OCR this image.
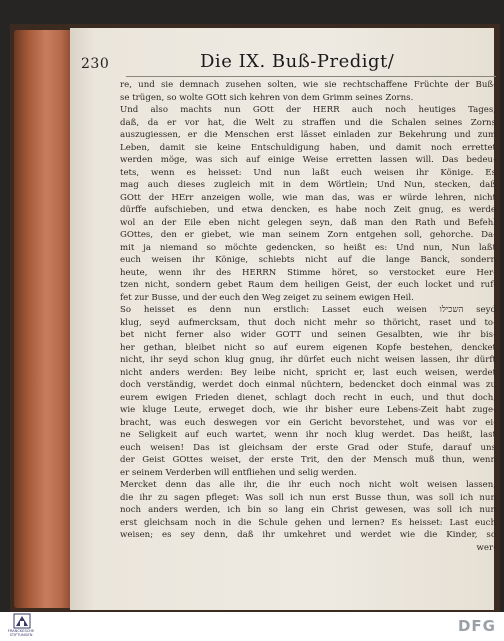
230	Die IX. Buß-Predigt/
re, und sie demnach zusehen solten, wie sie rechtschaffene Früchte der Buß-
se trügen, so wolte GOtt sich kehren von dem Grimm seines Zorns.
Und also machts nun GOtt der HERR auch noch heutiges Tages,
daß, da er vor hat, die Welt zu straffen und die Schalen seines Zorns
auszugiessen, er die Menschen erst lässet einladen zur Bekehrung und zum
Leben, damit sie keine Entschuldigung haben, und damit noch errettet
werden möge, was sich auf einige Weise erretten lassen will. Das bedeu-
tets, wenn es heisset: Und nun laßt euch weisen ihr Könige. Es
mag auch dieses zugleich mit in dem Wörtlein; Und Nun, stecken, daß
GOtt der HErr anzeigen wolle, wie man das, was er würde lehren, nicht
dürffe aufschieben, und etwa dencken, es habe noch Zeit gnug, es werde
wol an der Eile eben nicht gelegen seyn, daß man den Rath und Befehl
GOttes, den er giebet, wie man seinem Zorn entgehen soll, gehorche. Da-
mit ja niemand so möchte gedencken, so heißt es: Und nun, Nun laßt
euch weisen ihr Könige, schiebts nicht auf die lange Banck, sondern
heute, wenn ihr des HERRN Stimme höret, so verstocket eure Her-
tzen nicht, sondern gebet Raum dem heiligen Geist, der euch locket und ruf-
fet zur Busse, und der euch den Weg zeiget zu seinem ewigen Heil.
So heisset es denn nun erstlich: Lasset euch weisen השכילו seyd
klug, seyd aufmercksam, thut doch nicht mehr so thöricht, raset und to-
bet nicht ferner also wider GOTT und seinen Gesalbten, wie ihr bis-
her gethan, bleibet nicht so auf eurem eigenen Kopfe bestehen, dencket
nicht, ihr seyd schon klug gnug, ihr dürfet euch nicht weisen lassen, ihr dürft
nicht anders werden: Bey leibe nicht, spricht er, last euch weisen, werdet
doch verständig, werdet doch einmal nüchtern, bedencket doch einmal was zu
eurem ewigen Frieden dienet, schlagt doch recht in euch, und thut doch,
wie kluge Leute, erweget doch, wie ihr bisher eure Lebens-Zeit habt zuge-
bracht, was euch deswegen vor ein Gericht bevorstehet, und was vor ei-
ne Seligkeit auf euch wartet, wenn ihr noch klug werdet. Das heißt, last
euch weisen! Das ist gleichsam der erste Grad oder Stufe, darauf uns
der Geist GOttes weiset, der erste Trit, den der Mensch muß thun, wenn
er seinem Verderben will entfliehen und selig werden.
Mercket denn das alle ihr, die ihr euch noch nicht wolt weisen lassen,
die ihr zu sagen pfleget: Was soll ich nun erst Busse thun, was soll ich nun
noch anders werden, ich bin so lang ein Christ gewesen, was soll ich nun
erst gleichsam noch in die Schule gehen und lernen? Es heisset: Last euch
weisen; es sey denn, daß ihr umkehret und werdet wie die Kinder, so
wer-
FRANCKESCHE STIFTUNGEN	DFG
